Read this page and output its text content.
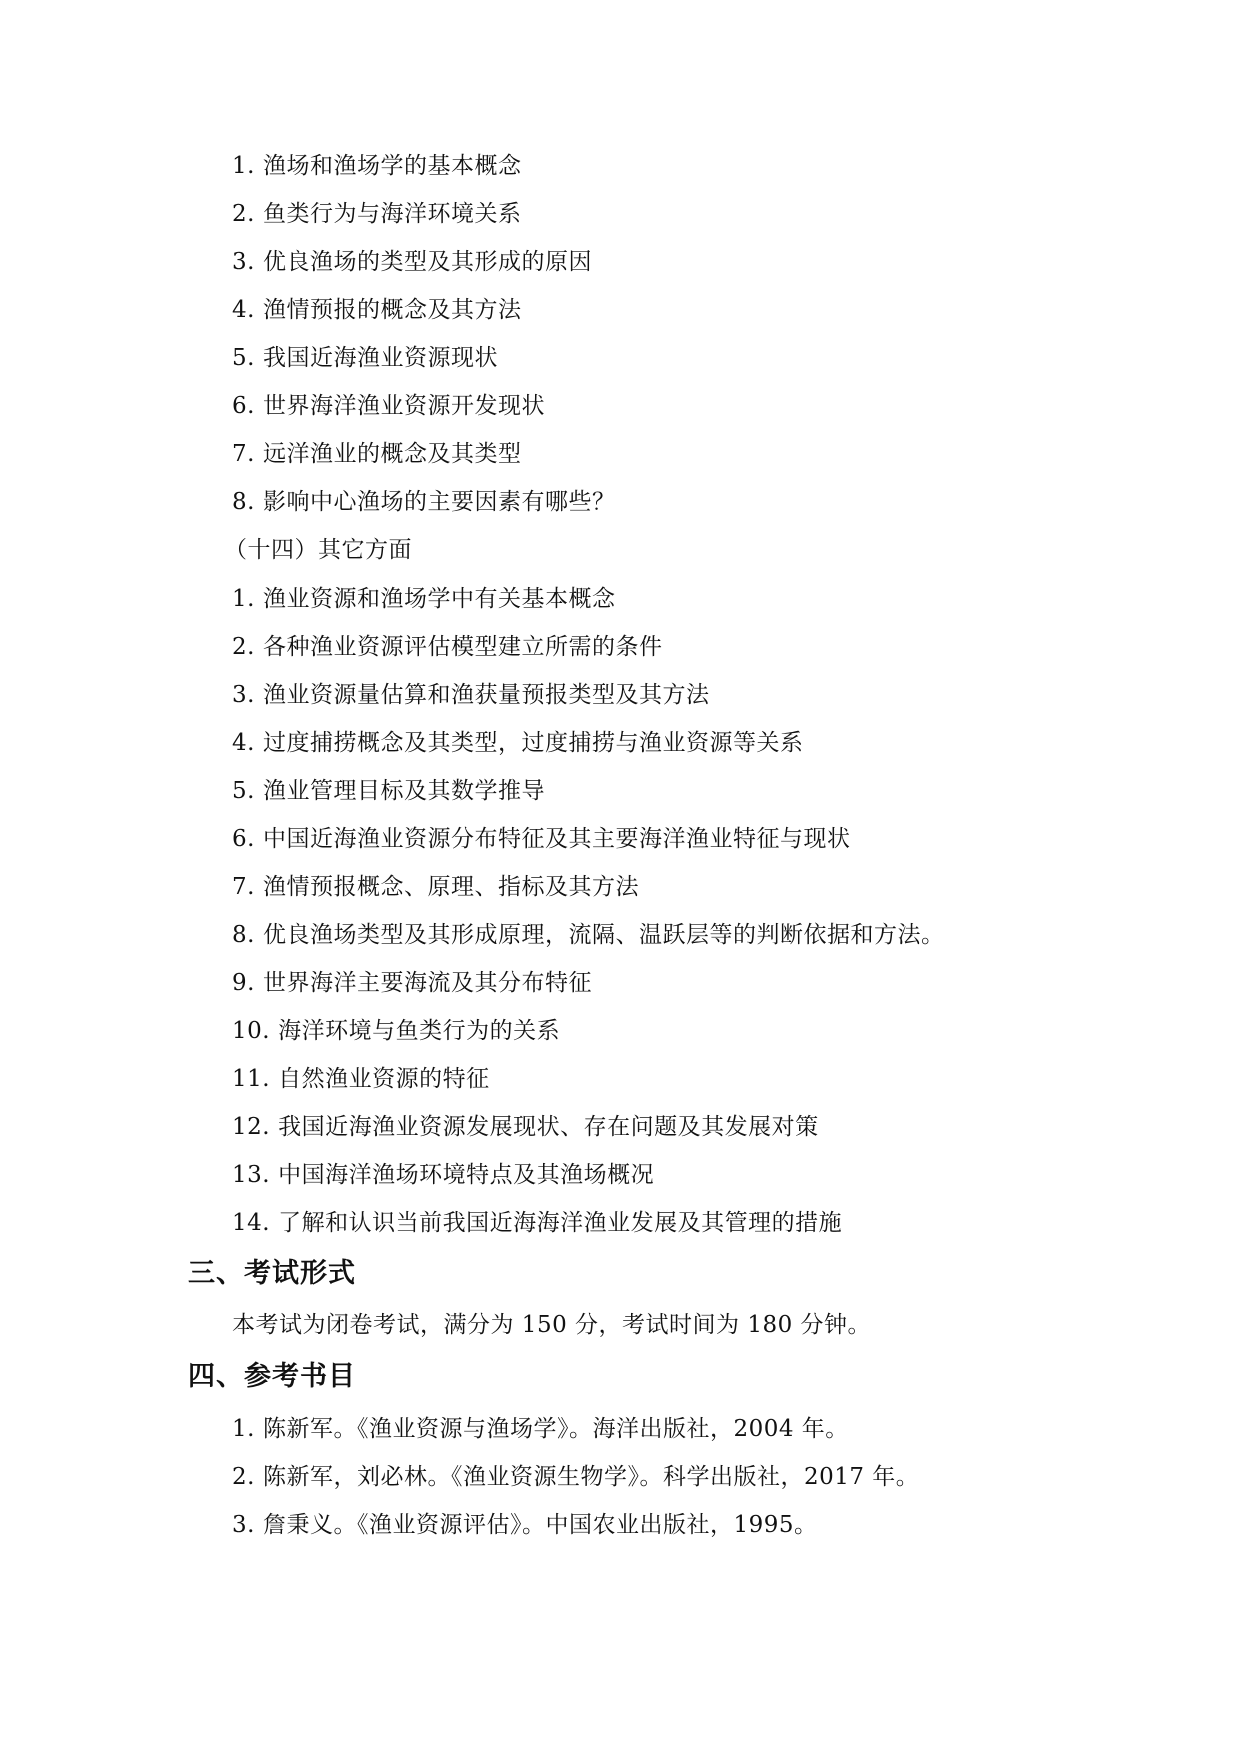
1. 渔场和渔场学的基本概念
2. 鱼类行为与海洋环境关系
3. 优良渔场的类型及其形成的原因
4. 渔情预报的概念及其方法
5. 我国近海渔业资源现状
6. 世界海洋渔业资源开发现状
7. 远洋渔业的概念及其类型
8. 影响中心渔场的主要因素有哪些？
（十四）其它方面
1. 渔业资源和渔场学中有关基本概念
2. 各种渔业资源评估模型建立所需的条件
3. 渔业资源量估算和渔获量预报类型及其方法
4. 过度捕捞概念及其类型，过度捕捞与渔业资源等关系
5. 渔业管理目标及其数学推导
6. 中国近海渔业资源分布特征及其主要海洋渔业特征与现状
7. 渔情预报概念、原理、指标及其方法
8. 优良渔场类型及其形成原理，流隔、温跃层等的判断依据和方法。
9. 世界海洋主要海流及其分布特征
10. 海洋环境与鱼类行为的关系
11. 自然渔业资源的特征
12. 我国近海渔业资源发展现状、存在问题及其发展对策
13. 中国海洋渔场环境特点及其渔场概况
14. 了解和认识当前我国近海海洋渔业发展及其管理的措施
三、考试形式
本考试为闭卷考试，满分为 150 分，考试时间为 180 分钟。
四、参考书目
1. 陈新军。《渔业资源与渔场学》。海洋出版社，2004 年。
2. 陈新军，刘必林。《渔业资源生物学》。科学出版社，2017 年。
3. 詹秉义。《渔业资源评估》。中国农业出版社，1995。
